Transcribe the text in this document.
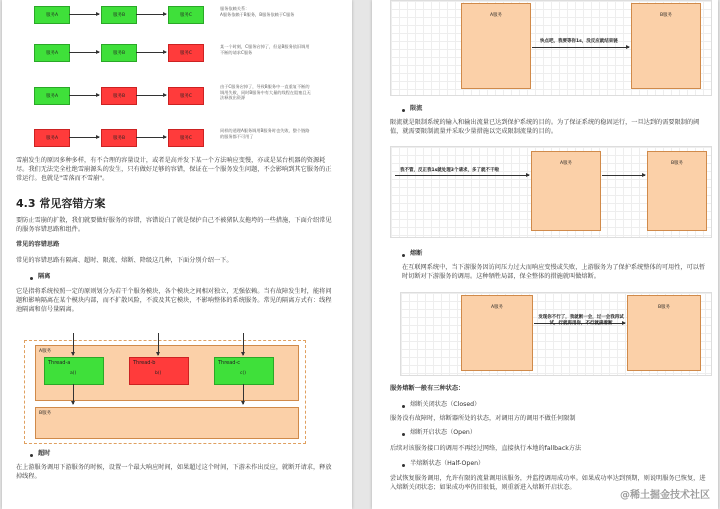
服务A	服务B	服务C
服务依赖关系：
A服务依赖于B服务，B服务依赖于C服务
服务A	服务B	服务C
某一个时刻，C服务宕掉了，但是B服务依旧调用不断的请求C服务
服务A	服务B	服务C
由于C服务宕掉了，导致B服务中一直重复不断的调用失败，同时B服务中有大量的线程在阻塞且无法释放出资源
服务A	服务B	服务C
同样的道理A服务调用B服务时也失败，整个链路的服务都不可用了
雪崩发生的原因多种多样，有不合理的容量设计，或者是高并发下某一个方法响应变慢，亦或是某台机器的资源耗尽。我们无法完全杜绝雪崩源头的发生，只有做好足够的容错，保证在一个服务发生问题，不会影响到其它服务的正常运行。也就是"雪落而不雪崩"。
4.3 常见容错方案
要防止雪崩的扩散，我们就要做好服务的容错，容错说白了就是保护自己不被猪队友拖垮的一些措施，下面介绍常见的服务容错思路和组件。
常见的容错思路
常见的容错思路有隔离、超时、限流、熔断、降级这几种，下面分别介绍一下。
隔离
它是指将系统按照一定的原则划分为若干个服务模块，各个模块之间相对独立，无强依赖。当有故障发生时，能将问题和影响隔离在某个模块内部，而不扩散风险，不波及其它模块，不影响整体的系统服务。常见的隔离方式有：线程池隔离和信号量隔离。
A服务
Thread-a
a()
Thread-b
b()
Thread-c
c()
B服务
超时
在上游服务调用下游服务的时候，设置一个最大响应时间，如果超过这个时间，下游未作出反应，就断开请求，释放掉线程。
A服务	B服务
快点吧，我要等你1s，没反应就结束链
限流
限流就是限制系统的输入和输出流量已达到保护系统的目的。为了保证系统的稳固运行，一旦达到的需要限制的阈值，就需要限制流量并采取少量措施以完成限制流量的目的。
A服务	B服务
我不管，反正我1s就处理3个请求，多了就不干啦
熔断
在互联网系统中，当下游服务因访问压力过大而响应变慢或失败，上游服务为了保护系统整体的可用性，可以暂时切断对下游服务的调用。这种牺牲局部，保全整体的措施就叫做熔断。
A服务	B服务
发现你不行了，我就断一会，过一会我再试试，行就再用你，不行就接着断
服务熔断一般有三种状态：
熔断关闭状态（Closed）
服务没有故障时，熔断器所处的状态，对调用方的调用不做任何限制
熔断开启状态（Open）
后续对该服务接口的调用不再经过网络，直接执行本地的fallback方法
半熔断状态（Half-Open）
尝试恢复服务调用，允许有限的流量调用该服务，并监控调用成功率。如果成功率达到预期，则说明服务已恢复，进入熔断关闭状态；如果成功率仍旧很低，则重新进入熔断开启状态。
@稀土掘金技术社区
